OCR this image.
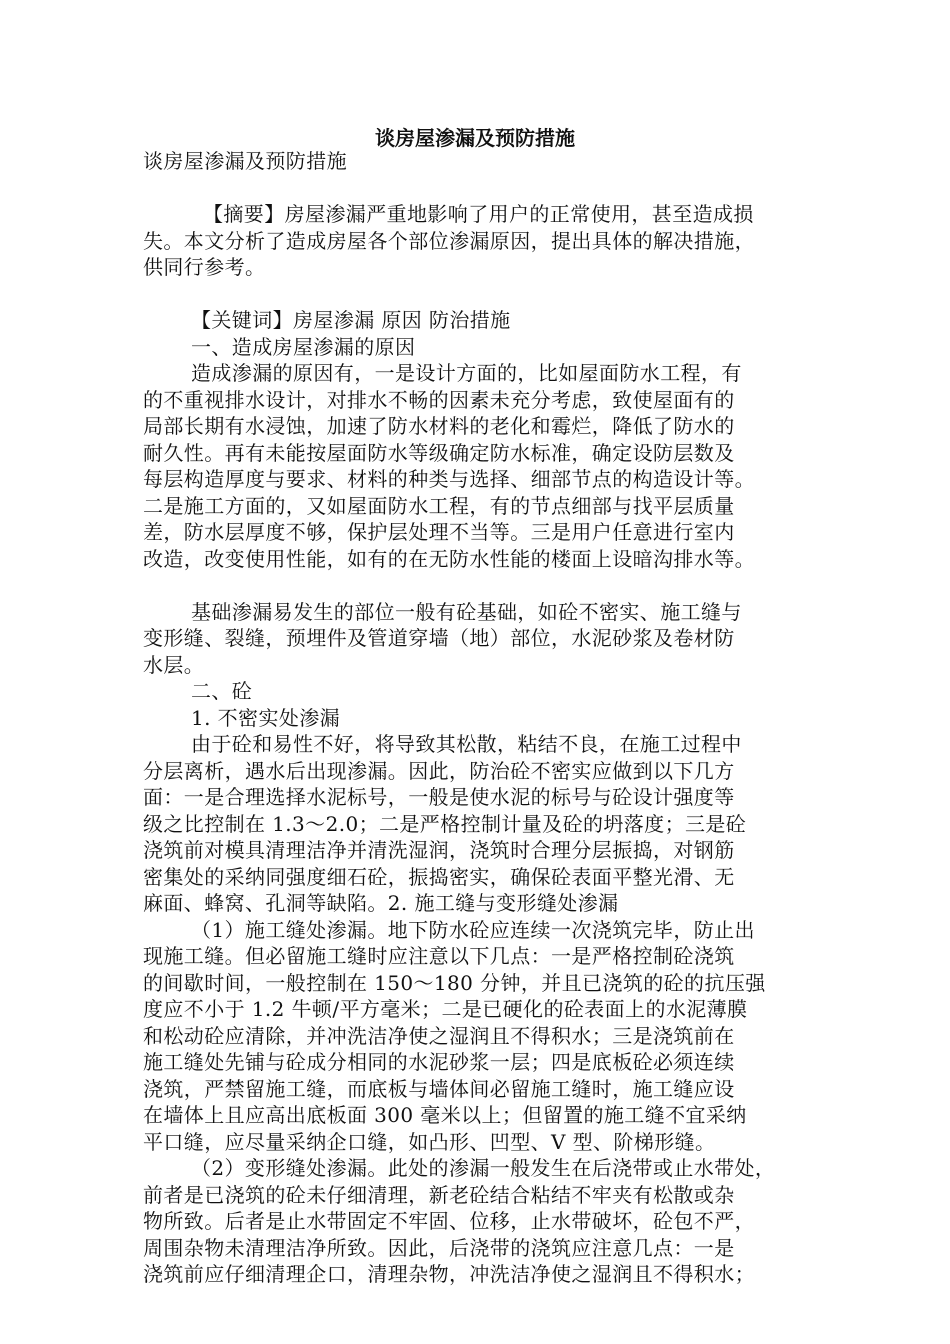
谈房屋渗漏及预防措施
谈房屋渗漏及预防措施
【摘要】房屋渗漏严重地影响了用户的正常使用，甚至造成损
失。本文分析了造成房屋各个部位渗漏原因，提出具体的解决措施，
供同行参考。
【关键词】房屋渗漏 原因 防治措施
一、造成房屋渗漏的原因
造成渗漏的原因有，一是设计方面的，比如屋面防水工程，有
的不重视排水设计，对排水不畅的因素未充分考虑，致使屋面有的
局部长期有水浸蚀，加速了防水材料的老化和霉烂，降低了防水的
耐久性。再有未能按屋面防水等级确定防水标准，确定设防层数及
每层构造厚度与要求、材料的种类与选择、细部节点的构造设计等。
二是施工方面的，又如屋面防水工程，有的节点细部与找平层质量
差，防水层厚度不够，保护层处理不当等。三是用户任意进行室内
改造，改变使用性能，如有的在无防水性能的楼面上设暗沟排水等。
基础渗漏易发生的部位一般有砼基础，如砼不密实、施工缝与
变形缝、裂缝，预埋件及管道穿墙（地）部位，水泥砂浆及卷材防
水层。
二、砼
1. 不密实处渗漏
由于砼和易性不好，将导致其松散，粘结不良，在施工过程中
分层离析，遇水后出现渗漏。因此，防治砼不密实应做到以下几方
面：一是合理选择水泥标号，一般是使水泥的标号与砼设计强度等
级之比控制在 1.3～2.0；二是严格控制计量及砼的坍落度；三是砼
浇筑前对模具清理洁净并清洗湿润，浇筑时合理分层振捣，对钢筋
密集处的采纳同强度细石砼，振捣密实，确保砼表面平整光滑、无
麻面、蜂窝、孔洞等缺陷。2. 施工缝与变形缝处渗漏
（1）施工缝处渗漏。地下防水砼应连续一次浇筑完毕，防止出
现施工缝。但必留施工缝时应注意以下几点：一是严格控制砼浇筑
的间歇时间，一般控制在 150～180 分钟，并且已浇筑的砼的抗压强
度应不小于 1.2 牛顿/平方毫米；二是已硬化的砼表面上的水泥薄膜
和松动砼应清除，并冲洗洁净使之湿润且不得积水；三是浇筑前在
施工缝处先铺与砼成分相同的水泥砂浆一层；四是底板砼必须连续
浇筑，严禁留施工缝，而底板与墙体间必留施工缝时，施工缝应设
在墙体上且应高出底板面 300 毫米以上；但留置的施工缝不宜采纳
平口缝，应尽量采纳企口缝，如凸形、凹型、V 型、阶梯形缝。
（2）变形缝处渗漏。此处的渗漏一般发生在后浇带或止水带处，
前者是已浇筑的砼未仔细清理，新老砼结合粘结不牢夹有松散或杂
物所致。后者是止水带固定不牢固、位移，止水带破坏，砼包不严，
周围杂物未清理洁净所致。因此，后浇带的浇筑应注意几点：一是
浇筑前应仔细清理企口，清理杂物，冲洗洁净使之湿润且不得积水；
